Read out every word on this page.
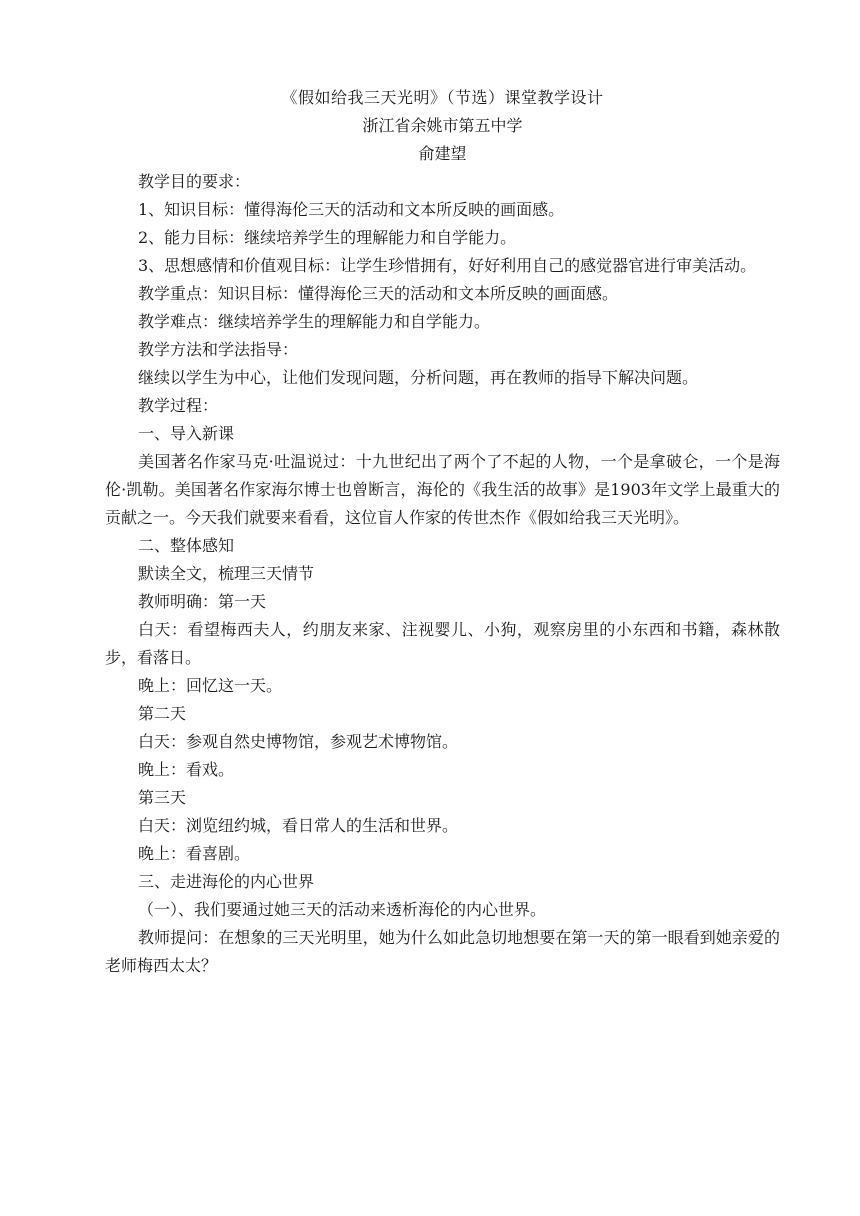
《假如给我三天光明》（节选）课堂教学设计

浙江省余姚市第五中学

俞建望

教学目的要求：

1、知识目标：懂得海伦三天的活动和文本所反映的画面感。

2、能力目标：继续培养学生的理解能力和自学能力。

3、思想感情和价值观目标：让学生珍惜拥有，好好利用自己的感觉器官进行审美活动。

教学重点：知识目标：懂得海伦三天的活动和文本所反映的画面感。

教学难点：继续培养学生的理解能力和自学能力。

教学方法和学法指导：

继续以学生为中心，让他们发现问题，分析问题，再在教师的指导下解决问题。

教学过程：

一、导入新课

美国著名作家马克·吐温说过：十九世纪出了两个了不起的人物，一个是拿破仑，一个是海伦·凯勒。美国著名作家海尔博士也曾断言，海伦的《我生活的故事》是1903年文学上最重大的贡献之一。今天我们就要来看看，这位盲人作家的传世杰作《假如给我三天光明》。

二、整体感知

默读全文，梳理三天情节

教师明确：第一天

白天：看望梅西夫人，约朋友来家、注视婴儿、小狗，观察房里的小东西和书籍，森林散步，看落日。

晚上：回忆这一天。

第二天

白天：参观自然史博物馆，参观艺术博物馆。

晚上：看戏。

第三天

白天：浏览纽约城，看日常人的生活和世界。

晚上：看喜剧。

三、走进海伦的内心世界

（一）、我们要通过她三天的活动来透析海伦的内心世界。

教师提问：在想象的三天光明里，她为什么如此急切地想要在第一天的第一眼看到她亲爱的老师梅西太太？
